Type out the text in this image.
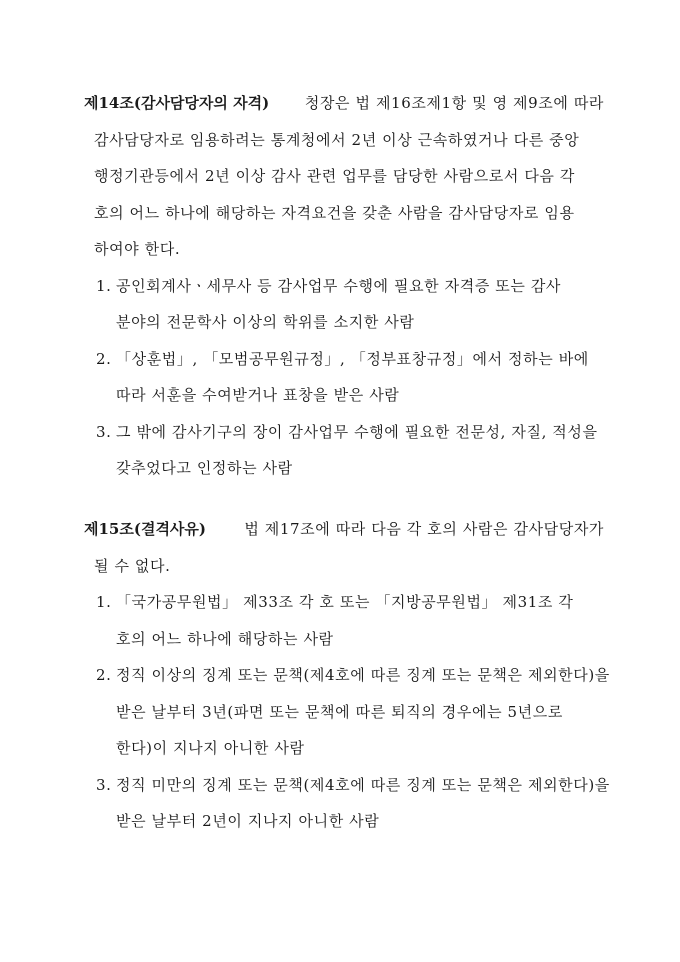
제14조(감사담당자의 자격) 청장은 법 제16조제1항 및 영 제9조에 따라
감사담당자로 임용하려는 통계청에서 2년 이상 근속하였거나 다른 중앙
행정기관등에서 2년 이상 감사 관련 업무를 담당한 사람으로서 다음 각
호의 어느 하나에 해당하는 자격요건을 갖춘 사람을 감사담당자로 임용
하여야 한다.
1. 공인회계사ㆍ세무사 등 감사업무 수행에 필요한 자격증 또는 감사
분야의 전문학사 이상의 학위를 소지한 사람
2. 「상훈법」, 「모범공무원규정」, 「정부표창규정」에서 정하는 바에
따라 서훈을 수여받거나 표창을 받은 사람
3. 그 밖에 감사기구의 장이 감사업무 수행에 필요한 전문성, 자질, 적성을
갖추었다고 인정하는 사람
제15조(결격사유)	법 제17조에 따라 다음 각 호의 사람은 감사담당자가
될 수 없다.
1. 「국가공무원법」 제33조 각 호 또는 「지방공무원법」 제31조 각
호의 어느 하나에 해당하는 사람
2. 정직 이상의 징계 또는 문책(제4호에 따른 징계 또는 문책은 제외한다)을
받은 날부터 3년(파면 또는 문책에 따른 퇴직의 경우에는 5년으로
한다)이 지나지 아니한 사람
3. 정직 미만의 징계 또는 문책(제4호에 따른 징계 또는 문책은 제외한다)을
받은 날부터 2년이 지나지 아니한 사람
